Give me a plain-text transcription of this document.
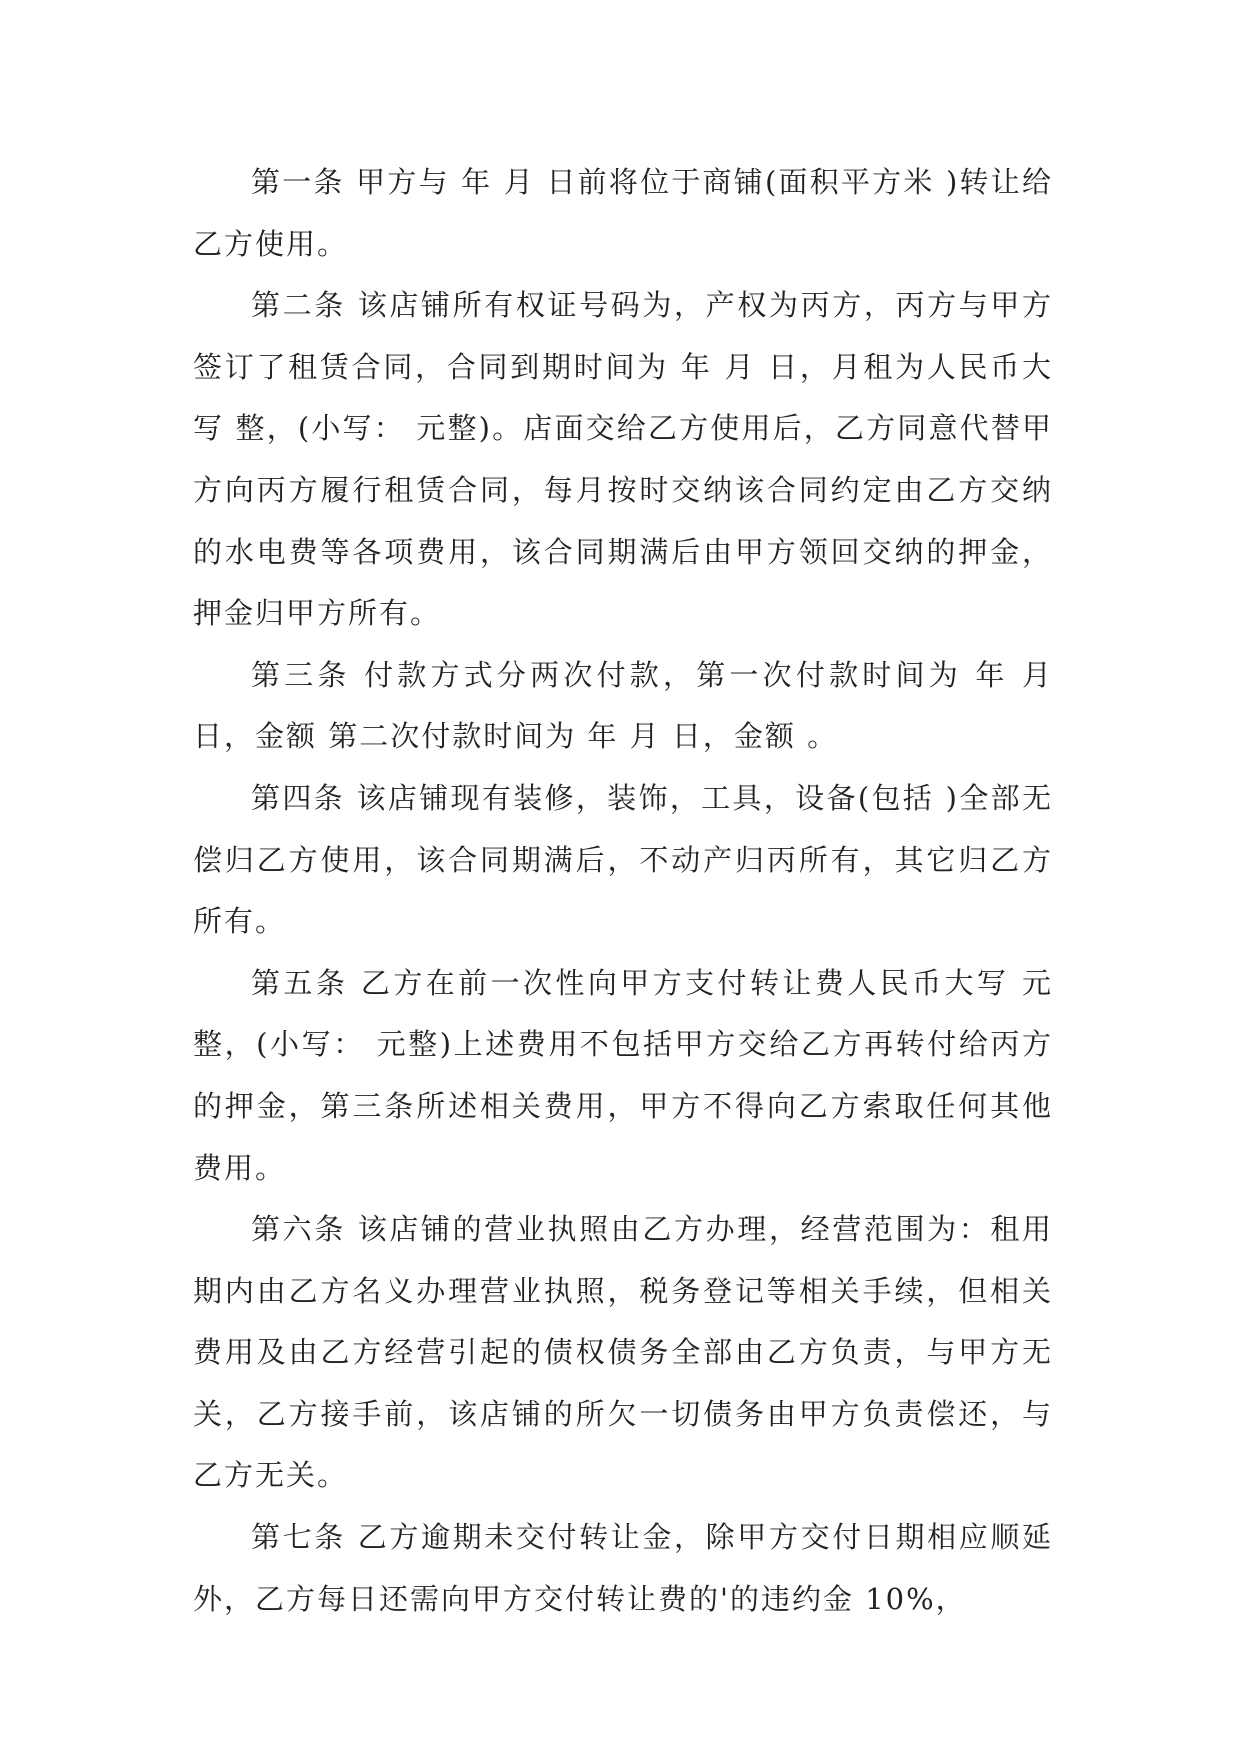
第一条 甲方与 年 月 日前将位于商铺(面积平方米 )转让给乙方使用。

第二条 该店铺所有权证号码为，产权为丙方，丙方与甲方签订了租赁合同，合同到期时间为 年 月 日，月租为人民币大写 整，(小写： 元整)。店面交给乙方使用后，乙方同意代替甲方向丙方履行租赁合同，每月按时交纳该合同约定由乙方交纳的水电费等各项费用，该合同期满后由甲方领回交纳的押金，押金归甲方所有。

第三条 付款方式分两次付款，第一次付款时间为 年 月 日，金额 第二次付款时间为 年 月 日，金额 。

第四条 该店铺现有装修，装饰，工具，设备(包括 )全部无偿归乙方使用，该合同期满后，不动产归丙所有，其它归乙方所有。

第五条 乙方在前一次性向甲方支付转让费人民币大写 元整，(小写： 元整)上述费用不包括甲方交给乙方再转付给丙方的押金，第三条所述相关费用，甲方不得向乙方索取任何其他费用。

第六条 该店铺的营业执照由乙方办理，经营范围为：租用期内由乙方名义办理营业执照，税务登记等相关手续，但相关费用及由乙方经营引起的债权债务全部由乙方负责，与甲方无关，乙方接手前，该店铺的所欠一切债务由甲方负责偿还，与乙方无关。

第七条 乙方逾期未交付转让金，除甲方交付日期相应顺延外，乙方每日还需向甲方交付转让费的'的违约金 10%，
